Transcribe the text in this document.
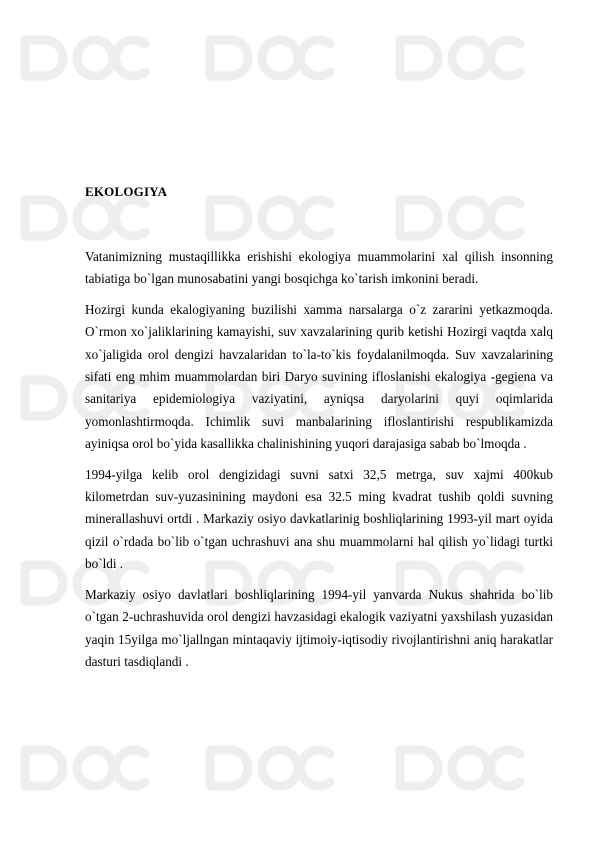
EKOLOGIYA

Vatanimizning mustaqillikka erishishi ekologiya muammolarini xal qilish insonning tabiatiga bo`lgan munosabatini yangi bosqichga ko`tarish imkonini beradi.

Hozirgi kunda ekalogiyaning buzilishi xamma narsalarga o`z zararini yetkazmoqda. O`rmon xo`jaliklarining kamayishi, suv xavzalarining qurib ketishi Hozirgi vaqtda xalq xo`jaligida orol dengizi havzalaridan to`la-to`kis foydalanilmoqda. Suv xavzalarining sifati eng mhim muammolardan biri Daryo suvining ifloslanishi ekalogiya -gegiena va sanitariya epidemiologiya vaziyatini, ayniqsa daryolarini quyi oqimlarida yomonlashtirmoqda. Ichimlik suvi manbalarining ifloslantirishi respublikamizda ayiniqsa orol bo`yida kasallikka chalinishining yuqori darajasiga sabab bo`lmoqda .

1994-yilga kelib orol dengizidagi suvni satxi 32,5 metrga, suv xajmi 400kub kilometrdan suv-yuzasinining maydoni esa 32.5 ming kvadrat tushib qoldi suvning minerallashuvi ortdi . Markaziy osiyo davkatlarinig boshliqlarining 1993-yil mart oyida qizil o`rdada bo`lib o`tgan uchrashuvi ana shu muammolarni hal qilish yo`lidagi turtki bo`ldi .

Markaziy osiyo davlatlari boshliqlarining 1994-yil yanvarda Nukus shahrida bo`lib o`tgan 2-uchrashuvida orol dengizi havzasidagi ekalogik vaziyatni yaxshilash yuzasidan yaqin 15yilga mo`ljallngan mintaqaviy ijtimoiy-iqtisodiy rivojlantirishni aniq harakatlar dasturi tasdiqlandi .
